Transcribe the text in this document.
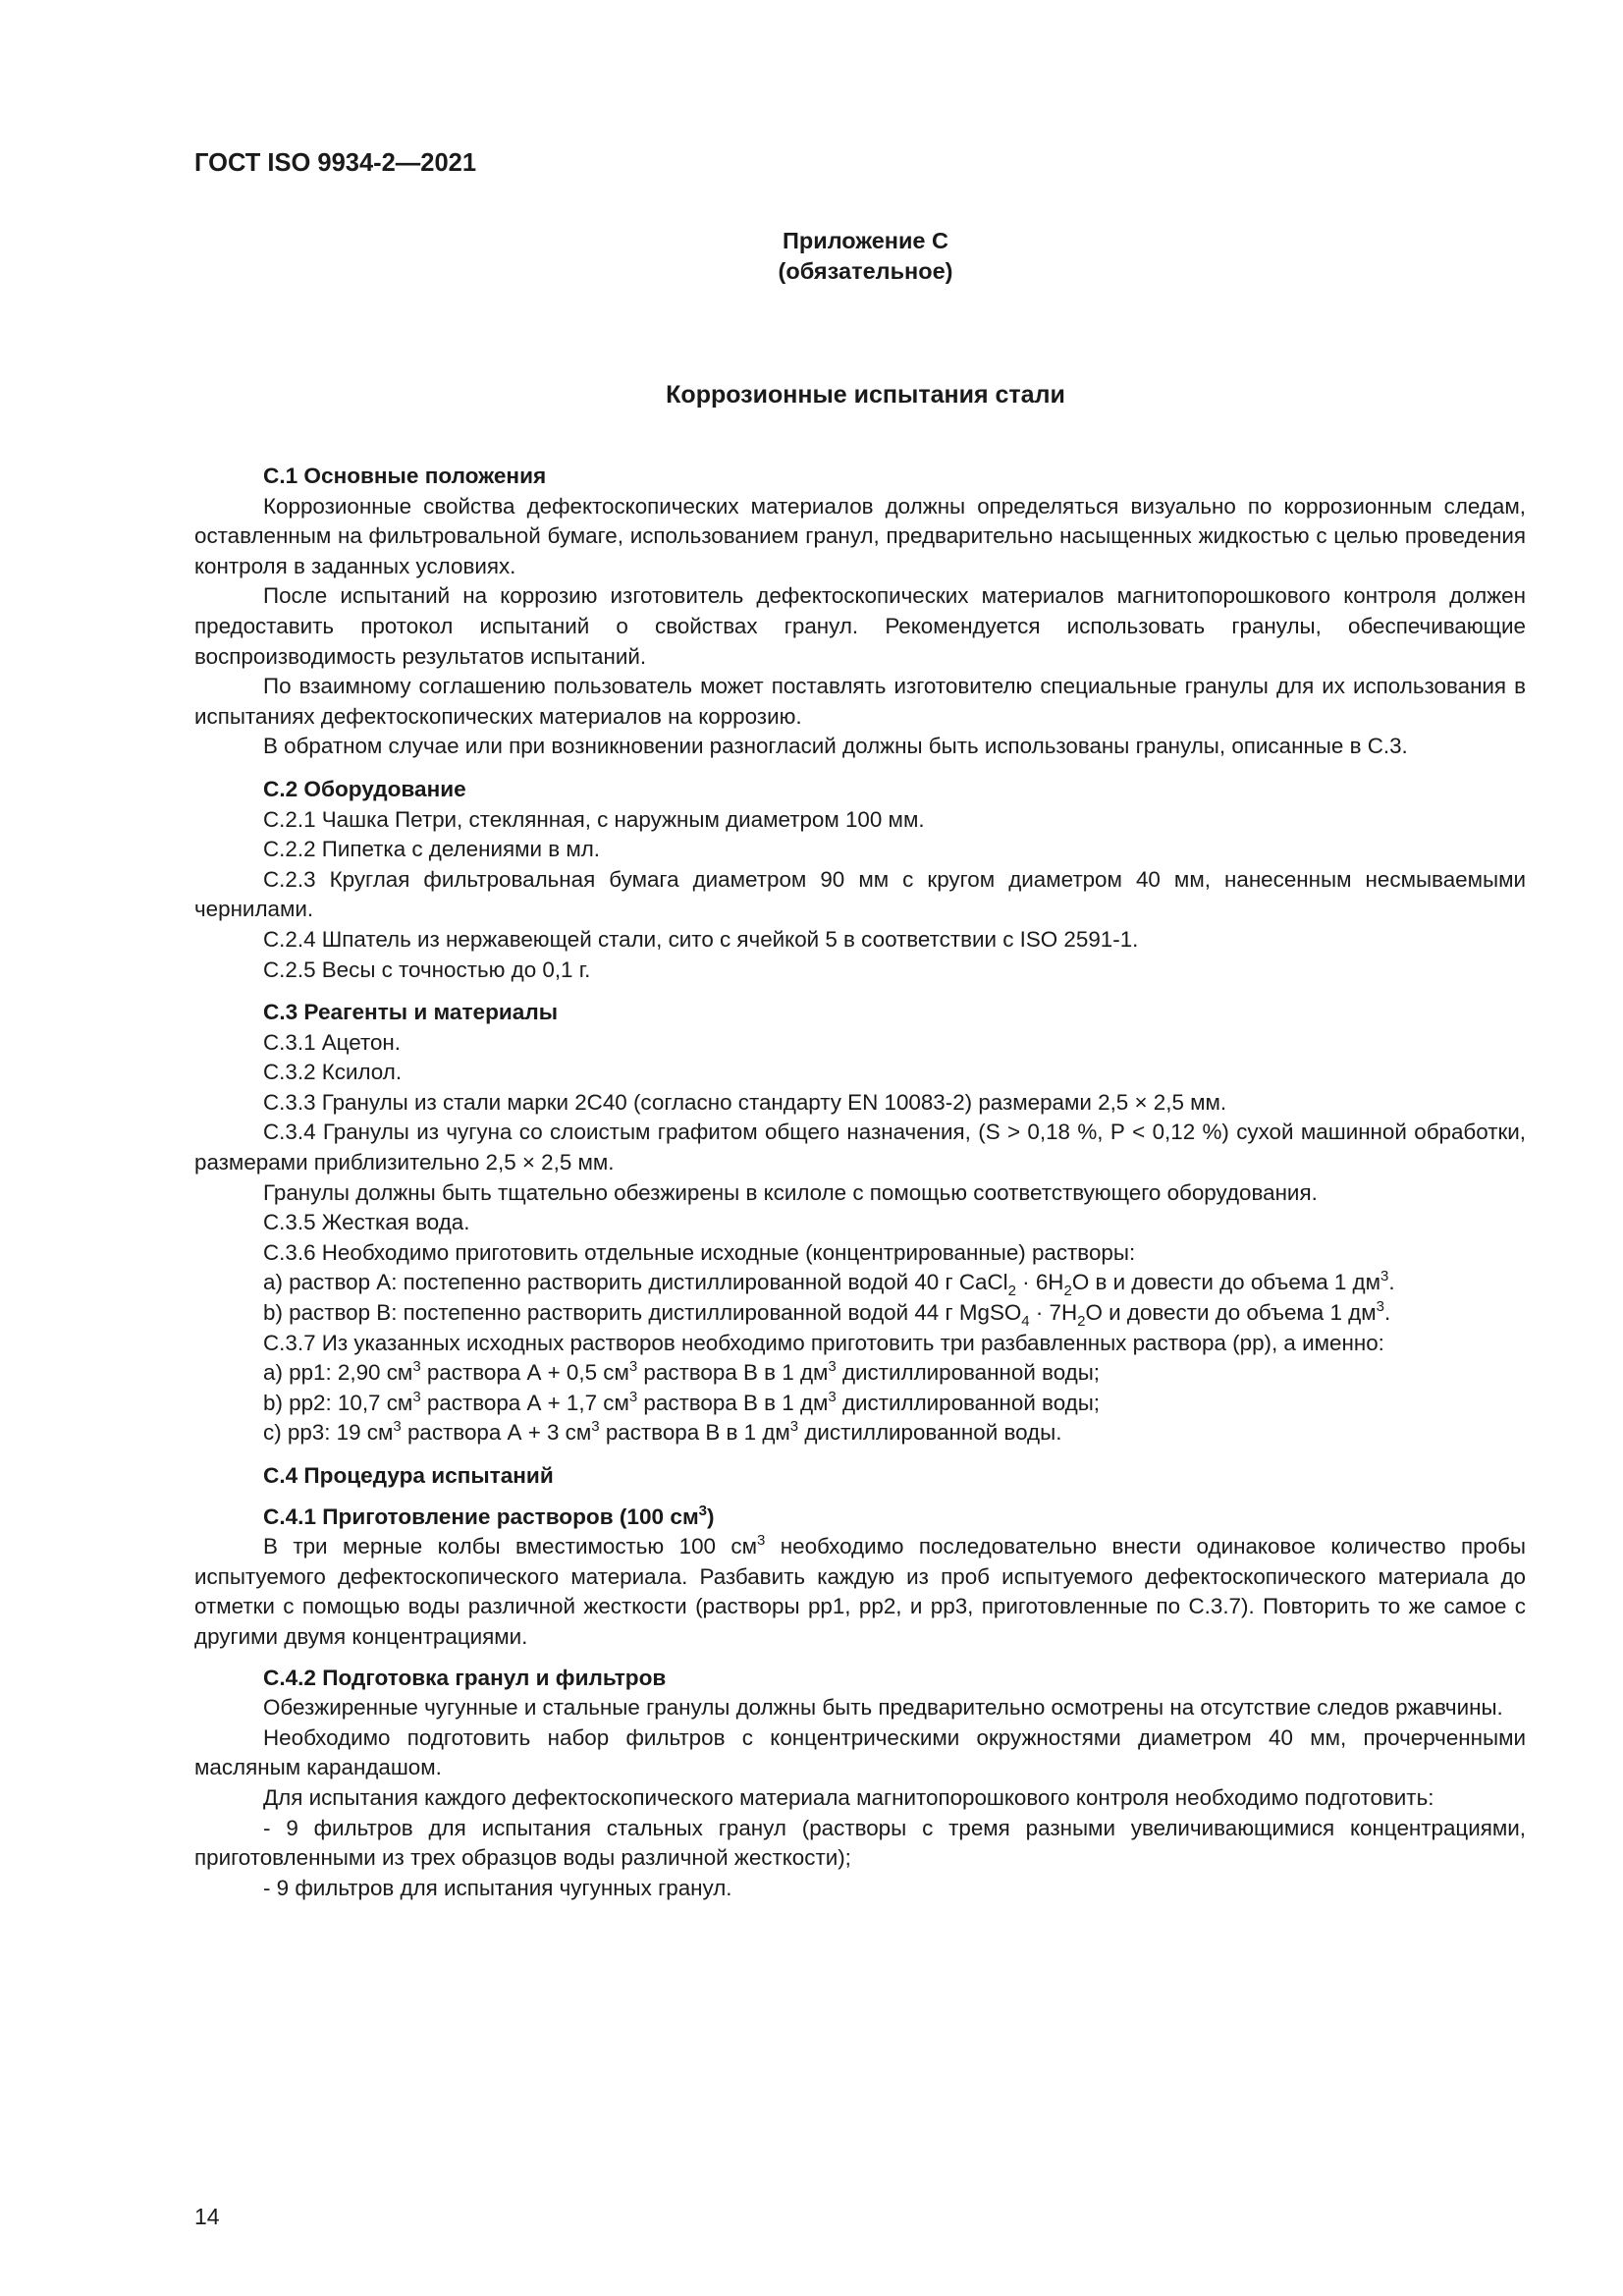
ГОСТ ISO 9934-2—2021
Приложение С
(обязательное)
Коррозионные испытания стали
С.1 Основные положения

Коррозионные свойства дефектоскопических материалов должны определяться визуально по коррозионным следам, оставленным на фильтровальной бумаге, использованием гранул, предварительно насыщенных жидкостью с целью проведения контроля в заданных условиях.

После испытаний на коррозию изготовитель дефектоскопических материалов магнитопорошкового контроля должен предоставить протокол испытаний о свойствах гранул. Рекомендуется использовать гранулы, обеспечивающие воспроизводимость результатов испытаний.

По взаимному соглашению пользователь может поставлять изготовителю специальные гранулы для их использования в испытаниях дефектоскопических материалов на коррозию.

В обратном случае или при возникновении разногласий должны быть использованы гранулы, описанные в С.3.

С.2 Оборудование

С.2.1 Чашка Петри, стеклянная, с наружным диаметром 100 мм.

С.2.2 Пипетка с делениями в мл.

С.2.3 Круглая фильтровальная бумага диаметром 90 мм с кругом диаметром 40 мм, нанесенным несмываемыми чернилами.

С.2.4 Шпатель из нержавеющей стали, сито с ячейкой 5 в соответствии с ISO 2591-1.

С.2.5 Весы с точностью до 0,1 г.

С.3 Реагенты и материалы

С.3.1 Ацетон.

С.3.2 Ксилол.

С.3.3 Гранулы из стали марки 2С40 (согласно стандарту EN 10083-2) размерами 2,5 × 2,5 мм.

С.3.4 Гранулы из чугуна со слоистым графитом общего назначения, (S > 0,18 %, Р < 0,12 %) сухой машинной обработки, размерами приблизительно 2,5 × 2,5 мм.

Гранулы должны быть тщательно обезжирены в ксилоле с помощью соответствующего оборудования.

С.3.5 Жесткая вода.

С.3.6 Необходимо приготовить отдельные исходные (концентрированные) растворы:

а) раствор А: постепенно растворить дистиллированной водой 40 г CaCl$_2$ · $6H_2O$ в и довести до объема 1 $дм^3$.

b) раствор В: постепенно растворить дистиллированной водой 44 г MgSO$_4$ · $7H_2O$ и довести до объема 1 $дм^3$.

С.3.7 Из указанных исходных растворов необходимо приготовить три разбавленных раствора (рр), а именно:

а) рр1: 2,90 $см^3$ раствора А + 0,5 $см^3$ раствора В в 1 $дм^3$ дистиллированной воды;

b) рр2: 10,7 $см^3$ раствора А + 1,7 $см^3$ раствора В в 1 $дм^3$ дистиллированной воды;

с) рр3: 19 $см^3$ раствора А + 3 $см^3$ раствора В в 1 $дм^3$ дистиллированной воды.

С.4 Процедура испытаний
С.4.1 Приготовление растворов (100 $см^3$)

В три мерные колбы вместимостью 100 $см^3$ необходимо последовательно внести одинаковое количество пробы испытуемого дефектоскопического материала. Разбавить каждую из проб испытуемого дефектоскопического материала до отметки с помощью воды различной жесткости (растворы рр1, рр2, и рр3, приготовленные по С.3.7). Повторить то же самое с другими двумя концентрациями.

С.4.2 Подготовка гранул и фильтров

Обезжиренные чугунные и стальные гранулы должны быть предварительно осмотрены на отсутствие следов ржавчины.

Необходимо подготовить набор фильтров с концентрическими окружностями диаметром 40 мм, прочерченными масляным карандашом.

Для испытания каждого дефектоскопического материала магнитопорошкового контроля необходимо подготовить:

- 9 фильтров для испытания стальных гранул (растворы с тремя разными увеличивающимися концентрациями, приготовленными из трех образцов воды различной жесткости);

- 9 фильтров для испытания чугунных гранул.

14
